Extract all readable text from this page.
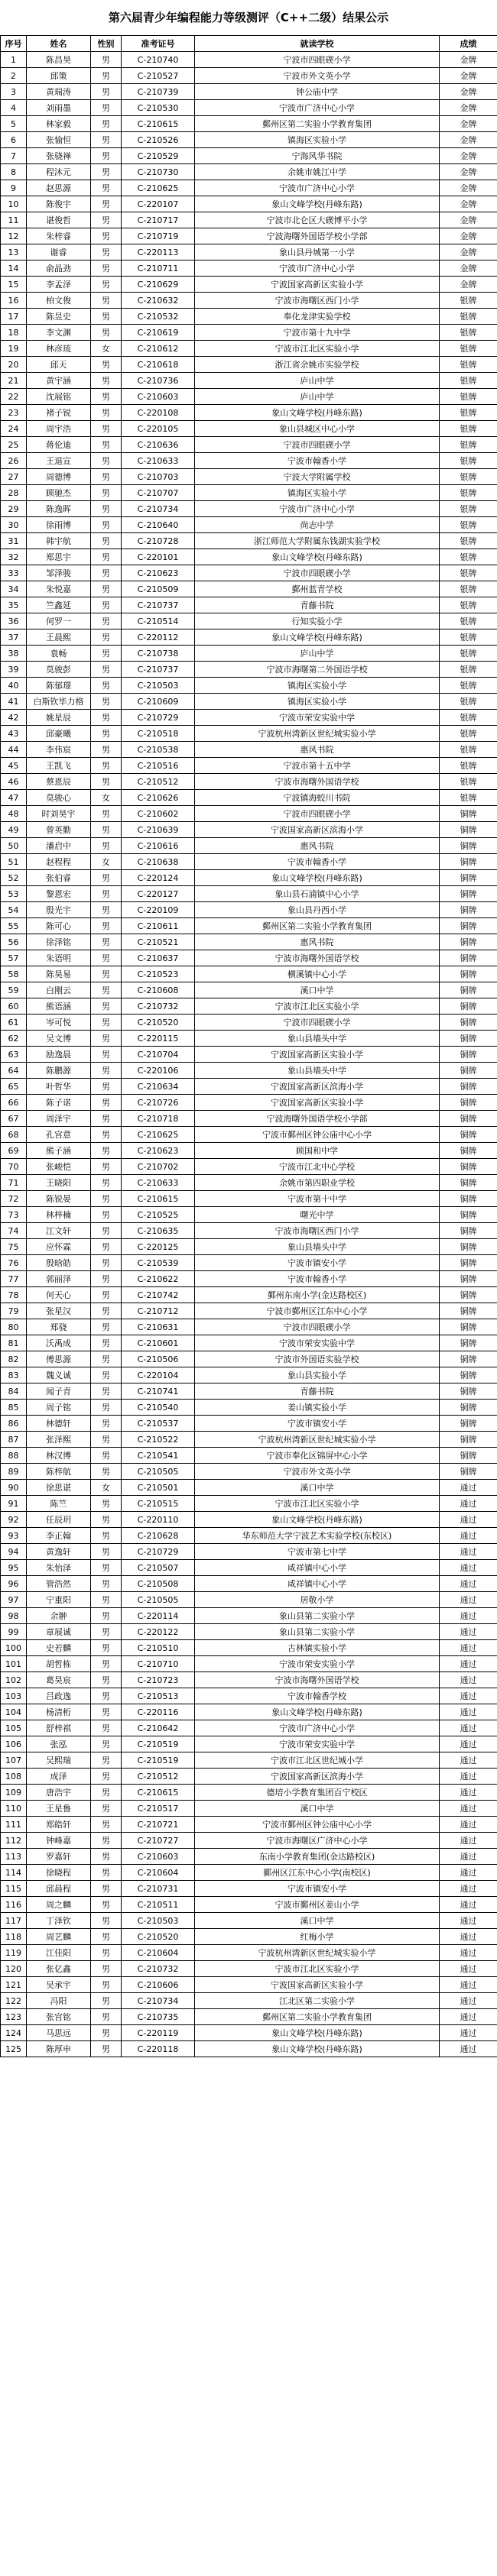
第六届青少年编程能力等级测评（C++二级）结果公示
序号	姓名	性别	准考证号	就读学校	成绩
1	陈昌昊	男	C-210740	宁波市四眼碶小学	金牌
2	邱策	男	C-210527	宁波市外文英小学	金牌
3	黄瑞涛	男	C-210739	钟公庙中学	金牌
4	刘雨墨	男	C-210530	宁波市广济中心小学	金牌
5	林家毅	男	C-210615	鄞州区第二实验小学教育集团	金牌
6	张愉恒	男	C-210526	镇海区实验小学	金牌
7	张骁禅	男	C-210529	宁海风华书院	金牌
8	程沐元	男	C-210730	余姚市姚江中学	金牌
9	赵思源	男	C-210625	宁波市广济中心小学	金牌
10	陈俊宇	男	C-220107	象山文峰学校(丹峰东路)	金牌
11	谌俊哲	男	C-210717	宁波市北仑区大碶博平小学	金牌
12	朱梓睿	男	C-210719	宁波海曙外国语学校小学部	金牌
13	谢睿	男	C-220113	象山县丹城第一小学	金牌
14	俞晶劲	男	C-210711	宁波市广济中心小学	金牌
15	李孟泽	男	C-210629	宁波国家高新区实验小学	金牌
16	柏文俊	男	C-210632	宁波市海曙区西门小学	银牌
17	陈昱史	男	C-210532	奉化龙津实验学校	银牌
18	李文渊	男	C-210619	宁波市第十九中学	银牌
19	林彦琉	女	C-210612	宁波市江北区实验小学	银牌
20	邱天	男	C-210618	浙江省余姚市实验学校	银牌
21	黄宇涵	男	C-210736	庐山中学	银牌
22	沈展铭	男	C-210603	庐山中学	银牌
23	褚子锐	男	C-220108	象山文峰学校(丹峰东路)	银牌
24	周宇浩	男	C-220105	象山县城区中心小学	银牌
25	蒋伦迪	男	C-210636	宁波市四眼碶小学	银牌
26	王退宣	男	C-210633	宁波市翰香小学	银牌
27	周德博	男	C-210703	宁波大学附属学校	银牌
28	顾驰杰	男	C-210707	镇海区实验小学	银牌
29	陈逸晖	男	C-210734	宁波市广济中心小学	银牌
30	徐雨博	男	C-210640	尚志中学	银牌
31	韩宇航	男	C-210728	浙江师范大学附属东钱湖实验学校	银牌
32	郑思宇	男	C-220101	象山文峰学校(丹峰东路)	银牌
33	邹泽骏	男	C-210623	宁波市四眼碶小学	银牌
34	朱悦嘉	男	C-210509	鄞州蓝青学校	银牌
35	竺鑫延	男	C-210737	青藤书院	银牌
36	何罗一	男	C-210514	行知实验小学	银牌
37	王晨熙	男	C-220112	象山文峰学校(丹峰东路)	银牌
38	袁畅	男	C-210738	庐山中学	银牌
39	莫骏彭	男	C-210737	宁波市海曙第二外国语学校	银牌
40	陈郁璟	男	C-210503	镇海区实验小学	银牌
41	白斯钦毕力格	男	C-210609	镇海区实验小学	银牌
42	姚星辰	男	C-210729	宁波市荣安实验中学	银牌
43	邱豪曦	男	C-210518	宁波杭州湾新区世纪城实验小学	银牌
44	李伟宸	男	C-210538	惠风书院	银牌
45	王凯飞	男	C-210516	宁波市第十五中学	银牌
46	蔡恩辰	男	C-210512	宁波市海曙外国语学校	银牌
47	莫骏心	女	C-210626	宁波镇海蛟川书院	银牌
48	时刘昊宇	男	C-210602	宁波市四眼碶小学	铜牌
49	曾英勤	男	C-210639	宁波国家高新区滨海小学	铜牌
50	潘启中	男	C-210616	惠风书院	铜牌
51	赵程程	女	C-210638	宁波市翰香小学	铜牌
52	张伯睿	男	C-220124	象山文峰学校(丹峰东路)	铜牌
53	黎恩宏	男	C-220127	象山县石浦镇中心小学	铜牌
54	殷光宇	男	C-220109	象山县丹西小学	铜牌
55	陈可心	男	C-210611	鄞州区第二实验小学教育集团	铜牌
56	徐泽铭	男	C-210521	惠风书院	铜牌
57	朱语明	男	C-210637	宁波市海曙外国语学校	铜牌
58	陈昊易	男	C-210523	横溪镇中心小学	铜牌
59	白刚云	男	C-210608	溪口中学	铜牌
60	熊语涵	男	C-210732	宁波市江北区实验小学	铜牌
61	岑可悦	男	C-210520	宁波市四眼碶小学	铜牌
62	吴文博	男	C-220115	象山县墙头中学	铜牌
63	励逸晨	男	C-210704	宁波国家高新区实验小学	铜牌
64	陈鹏源	男	C-220106	象山县墙头中学	铜牌
65	叶哲华	男	C-210634	宁波国家高新区滨海小学	铜牌
66	陈子诺	男	C-210726	宁波国家高新区实验小学	铜牌
67	周泽宇	男	C-210718	宁波海曙外国语学校小学部	铜牌
68	孔宫意	男	C-210625	宁波市鄞州区钟公庙中心小学	铜牌
69	熊子涵	男	C-210623	顾国和中学	铜牌
70	张峻恺	男	C-210702	宁波市江北中心学校	铜牌
71	王晓阳	男	C-210633	余姚市第四职业学校	铜牌
72	陈锐晏	男	C-210615	宁波市第十中学	铜牌
73	林梓楠	男	C-210525	曙光中学	铜牌
74	江文轩	男	C-210635	宁波市海曙区西门小学	铜牌
75	应怀霖	男	C-220125	象山县墙头中学	铜牌
76	殷晗皓	男	C-210539	宁波市镇安小学	铜牌
77	郭丽泽	男	C-210622	宁波市翰香小学	铜牌
78	何天心	男	C-210742	鄞州东南小学(金达路校区)	铜牌
79	张星汉	男	C-210712	宁波市鄞州区江东中心小学	铜牌
80	郑骁	男	C-210631	宁波市四眼碶小学	铜牌
81	沃禹成	男	C-210601	宁波市荣安实验中学	铜牌
82	傅思源	男	C-210506	宁波市外国语实验学校	铜牌
83	魏义诚	男	C-220104	象山县实验小学	铜牌
84	闻子青	男	C-210741	青藤书院	铜牌
85	周子铭	男	C-210540	姜山镇实验小学	铜牌
86	林德轩	男	C-210537	宁波市镇安小学	铜牌
87	张泽熙	男	C-210522	宁波杭州湾新区世纪城实验小学	铜牌
88	林汉博	男	C-210541	宁波市奉化区锦屏中心小学	铜牌
89	陈梓航	男	C-210505	宁波市外文英小学	铜牌
90	徐思谌	女	C-210501	溪口中学	通过
91	陈竺	男	C-210515	宁波市江北区实验小学	通过
92	任辰玥	男	C-220110	象山文峰学校(丹峰东路)	通过
93	李正翰	男	C-210628	华东师范大学宁波艺术实验学校(东校区)	通过
94	黄逸轩	男	C-210729	宁波市第七中学	通过
95	朱怡泽	男	C-210507	咸祥镇中心小学	通过
96	管浩然	男	C-210508	咸祥镇中心小学	通过
97	宁重阳	男	C-210505	居敬小学	通过
98	余翀	男	C-220114	象山县第二实验小学	通过
99	章展诚	男	C-220122	象山县第二实验小学	通过
100	史若麟	男	C-210510	古林镇实验小学	通过
101	胡哲栋	男	C-210710	宁波市荣安实验小学	通过
102	葛昊宸	男	C-210723	宁波市海曙外国语学校	通过
103	吕政逸	男	C-210513	宁波市翰香学校	通过
104	杨清桁	男	C-220116	象山文峰学校(丹峰东路)	通过
105	舒梓祺	男	C-210642	宁波市广济中心小学	通过
106	张泓	男	C-210519	宁波市荣安实验中学	通过
107	吴熙瑞	男	C-210519	宁波市江北区世纪城小学	通过
108	成泽	男	C-210512	宁波国家高新区滨海小学	通过
109	唐浩宇	男	C-210615	德培小学教育集团百宁校区	通过
110	王星鲁	男	C-210517	溪口中学	通过
111	郑皓轩	男	C-210721	宁波市鄞州区钟公庙中心小学	通过
112	钟峰嘉	男	C-210727	宁波市海曙区广济中心小学	通过
113	罗嘉轩	男	C-210603	东南小学教育集团(金达路校区)	通过
114	徐晓程	男	C-210604	鄞州区江东中心小学(南校区)	通过
115	邱晨程	男	C-210731	宁波市镇安小学	通过
116	周之麟	男	C-210511	宁波市鄞州区姜山小学	通过
117	丁泽钦	男	C-210503	溪口中学	通过
118	周艺麟	男	C-210520	红梅小学	通过
119	江佳阳	男	C-210604	宁波杭州湾新区世纪城实验小学	通过
120	张亿鑫	男	C-210732	宁波市江北区实验小学	通过
121	吴承宇	男	C-210606	宁波国家高新区实验小学	通过
122	冯阳	男	C-210734	江北区第二实验小学	通过
123	张宫铭	男	C-210735	鄞州区第二实验小学教育集团	通过
124	马思远	男	C-220119	象山文峰学校(丹峰东路)	通过
125	陈厚申	男	C-220118	象山文峰学校(丹峰东路)	通过
